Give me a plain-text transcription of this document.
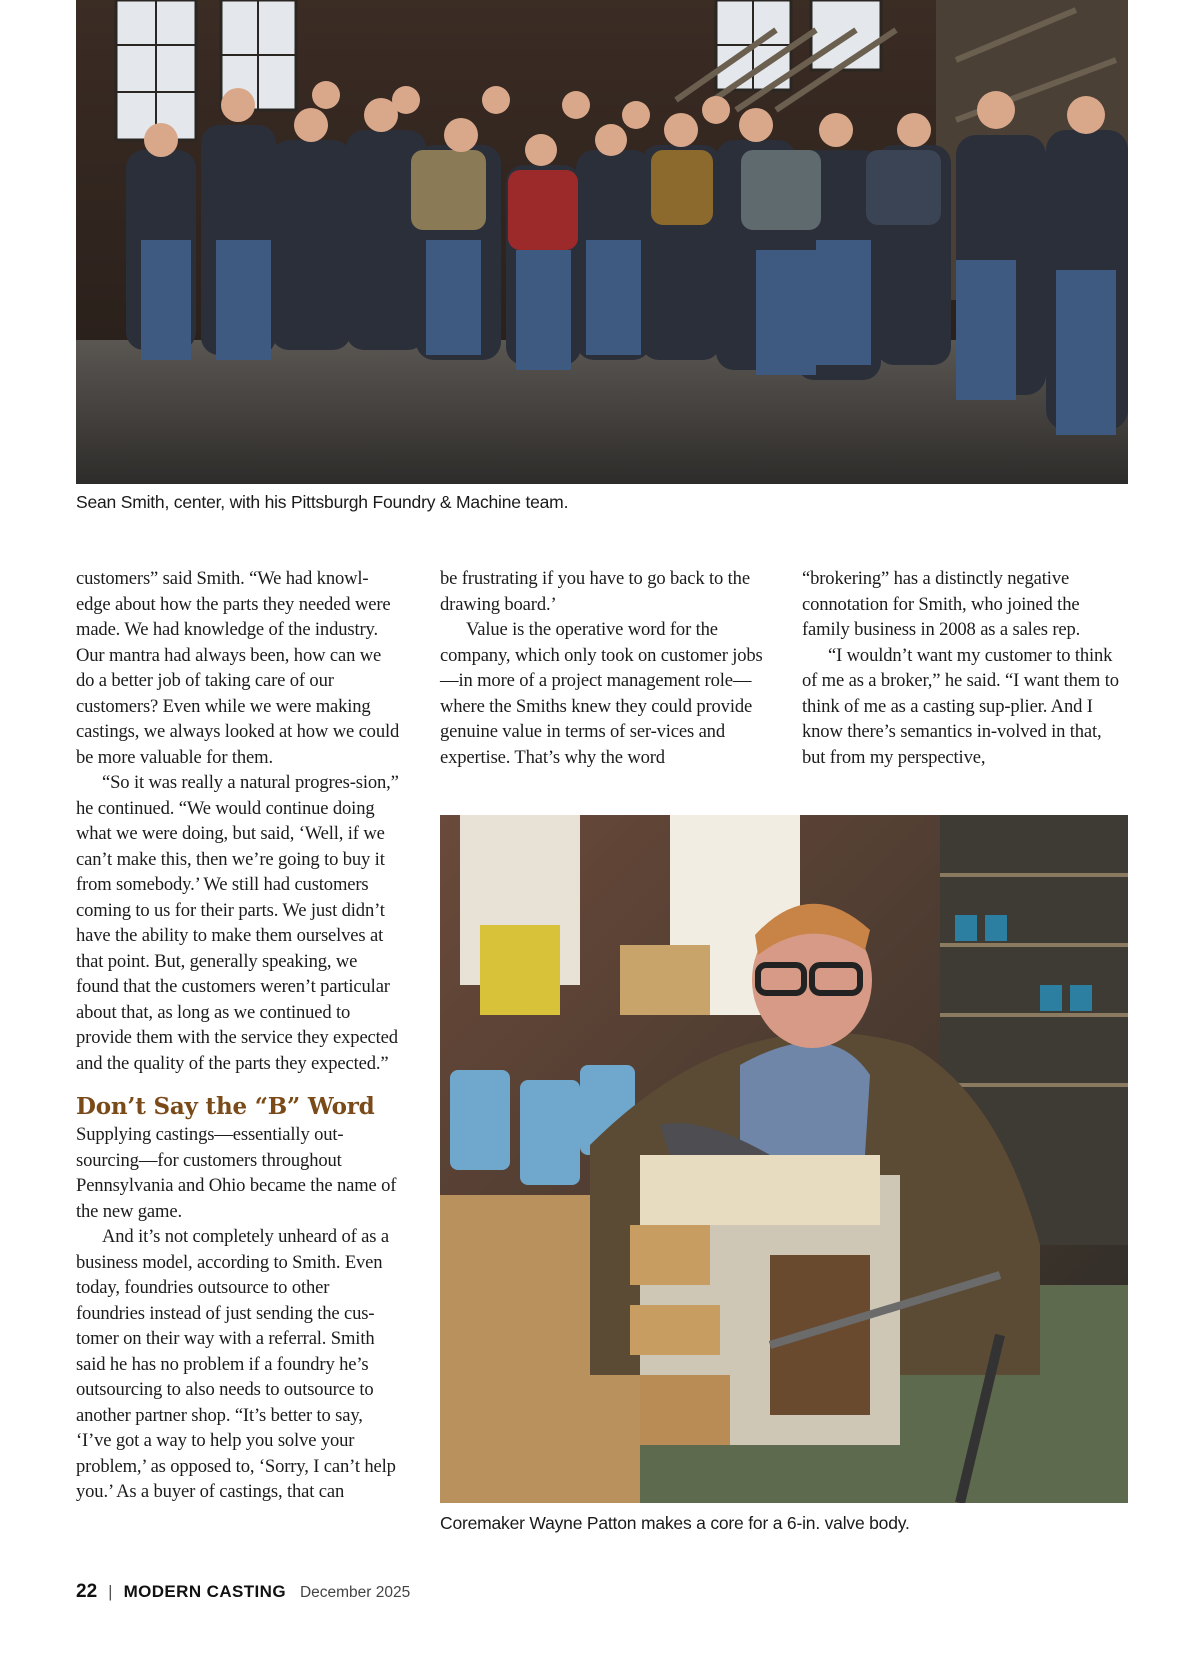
Sean Smith, center, with his Pittsburgh Foundry & Machine team.

customers” said Smith. “We had knowl-edge about how the parts they needed were made. We had knowledge of the industry. Our mantra had always been, how can we do a better job of taking care of our customers? Even while we were making castings, we always looked at how we could be more valuable for them.

“So it was really a natural progres-sion,” he continued. “We would continue doing what we were doing, but said, ‘Well, if we can’t make this, then we’re going to buy it from somebody.’ We still had customers coming to us for their parts. We just didn’t have the ability to make them ourselves at that point. But, generally speaking, we found that the customers weren’t particular about that, as long as we continued to provide them with the service they expected and the quality of the parts they expected.”

Don’t Say the “B” Word

Supplying castings—essentially out-sourcing—for customers throughout Pennsylvania and Ohio became the name of the new game.

And it’s not completely unheard of as a business model, according to Smith. Even today, foundries outsource to other foundries instead of just sending the cus-tomer on their way with a referral. Smith said he has no problem if a foundry he’s outsourcing to also needs to outsource to another partner shop. “It’s better to say, ‘I’ve got a way to help you solve your problem,’ as opposed to, ‘Sorry, I can’t help you.’ As a buyer of castings, that can

be frustrating if you have to go back to the drawing board.’

Value is the operative word for the company, which only took on customer jobs—in more of a project management role—where the Smiths knew they could provide genuine value in terms of ser-vices and expertise. That’s why the word

“brokering” has a distinctly negative connotation for Smith, who joined the family business in 2008 as a sales rep.

“I wouldn’t want my customer to think of me as a broker,” he said. “I want them to think of me as a casting sup-plier. And I know there’s semantics in-volved in that, but from my perspective,

Coremaker Wayne Patton makes a core for a 6-in. valve body.
22 | MODERN CASTING December 2025
